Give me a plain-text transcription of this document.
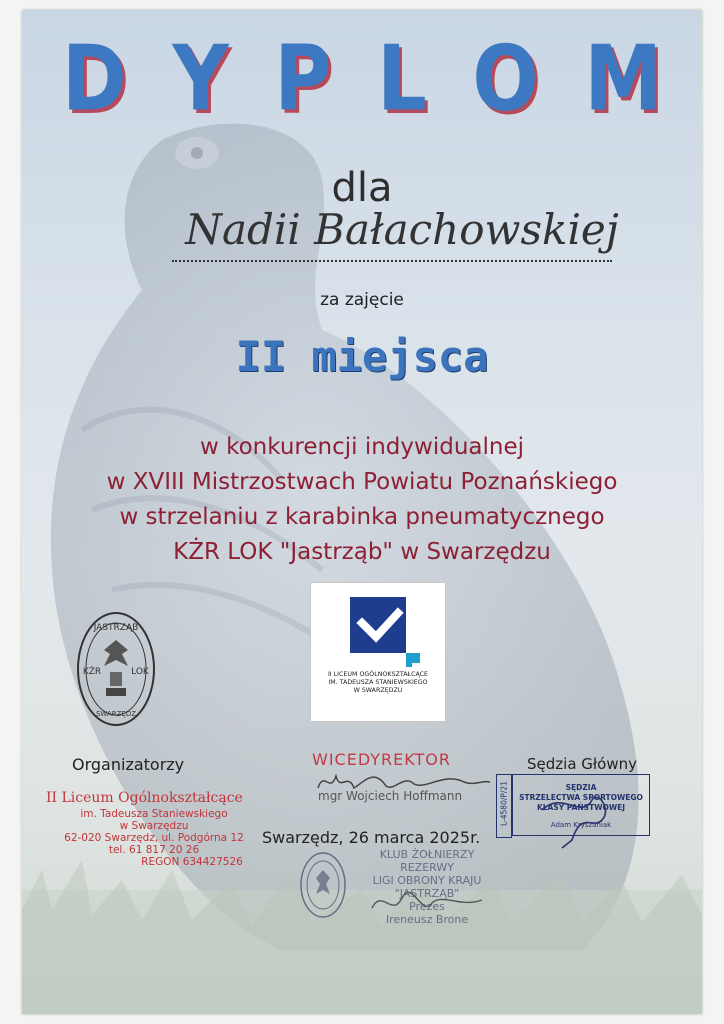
D Y P L O M
dla
Nadii Bałachowskiej
za zajęcie
II miejsca
w konkurencji indywidualnej
w XVIII Mistrzostwach Powiatu Poznańskiego
w strzelaniu z karabinka pneumatycznego
KŻR LOK "Jastrząb" w Swarzędzu
II LICEUM OGÓLNOKSZTAŁCĄCE
IM. TADEUSZA STANIEWSKIEGO
W SWARZĘDZU
JASTRZĄB
KŻR	LOK
SWARZĘDZ
Organizatorzy
II Liceum Ogólnokształcące
im. Tadeusza Staniewskiego
w Swarzędzu
62-020 Swarzędz, ul. Podgórna 12
tel. 61 817 20 26
REGON 634427526
WICEDYREKTOR
mgr Wojciech Hoffmann
Swarzędz, 26 marca 2025r.
Sędzia Główny
L-4580/P/21	SĘDZIA
STRZELECTWA SPORTOWEGO
KLASY PAŃSTWOWEJ
Adam Kryszaniak
KLUB ŻOŁNIERZY REZERWY
LIGI OBRONY KRAJU
"JASTRZĄB"
Prezes
Ireneusz Brone
